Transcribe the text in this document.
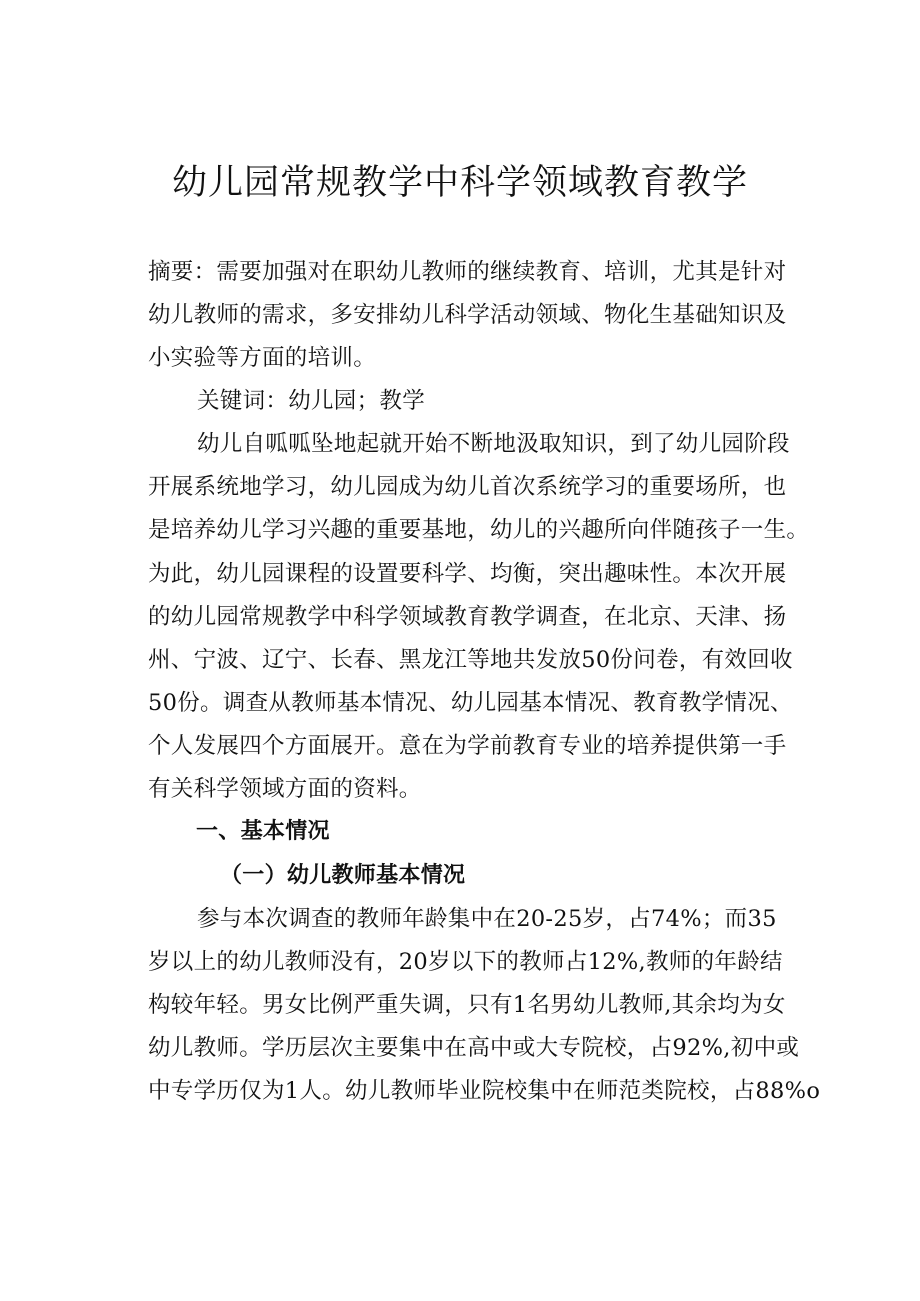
幼儿园常规教学中科学领域教育教学

摘要：需要加强对在职幼儿教师的继续教育、培训，尤其是针对

幼儿教师的需求，多安排幼儿科学活动领域、物化生基础知识及

小实验等方面的培训。

关键词：幼儿园；教学

幼儿自呱呱坠地起就开始不断地汲取知识，到了幼儿园阶段

开展系统地学习，幼儿园成为幼儿首次系统学习的重要场所，也

是培养幼儿学习兴趣的重要基地，幼儿的兴趣所向伴随孩子一生。

为此，幼儿园课程的设置要科学、均衡，突出趣味性。本次开展

的幼儿园常规教学中科学领域教育教学调查，在北京、天津、扬

州、宁波、辽宁、长春、黑龙江等地共发放50份问卷，有效回收

50份。调查从教师基本情况、幼儿园基本情况、教育教学情况、

个人发展四个方面展开。意在为学前教育专业的培养提供第一手

有关科学领域方面的资料。

一、基本情况
（一）幼儿教师基本情况

参与本次调查的教师年龄集中在20-25岁，占74%；而35

岁以上的幼儿教师没有，20岁以下的教师占12%,教师的年龄结

构较年轻。男女比例严重失调，只有1名男幼儿教师,其余均为女

幼儿教师。学历层次主要集中在高中或大专院校，占92%,初中或

中专学历仅为1人。幼儿教师毕业院校集中在师范类院校，占88%o
